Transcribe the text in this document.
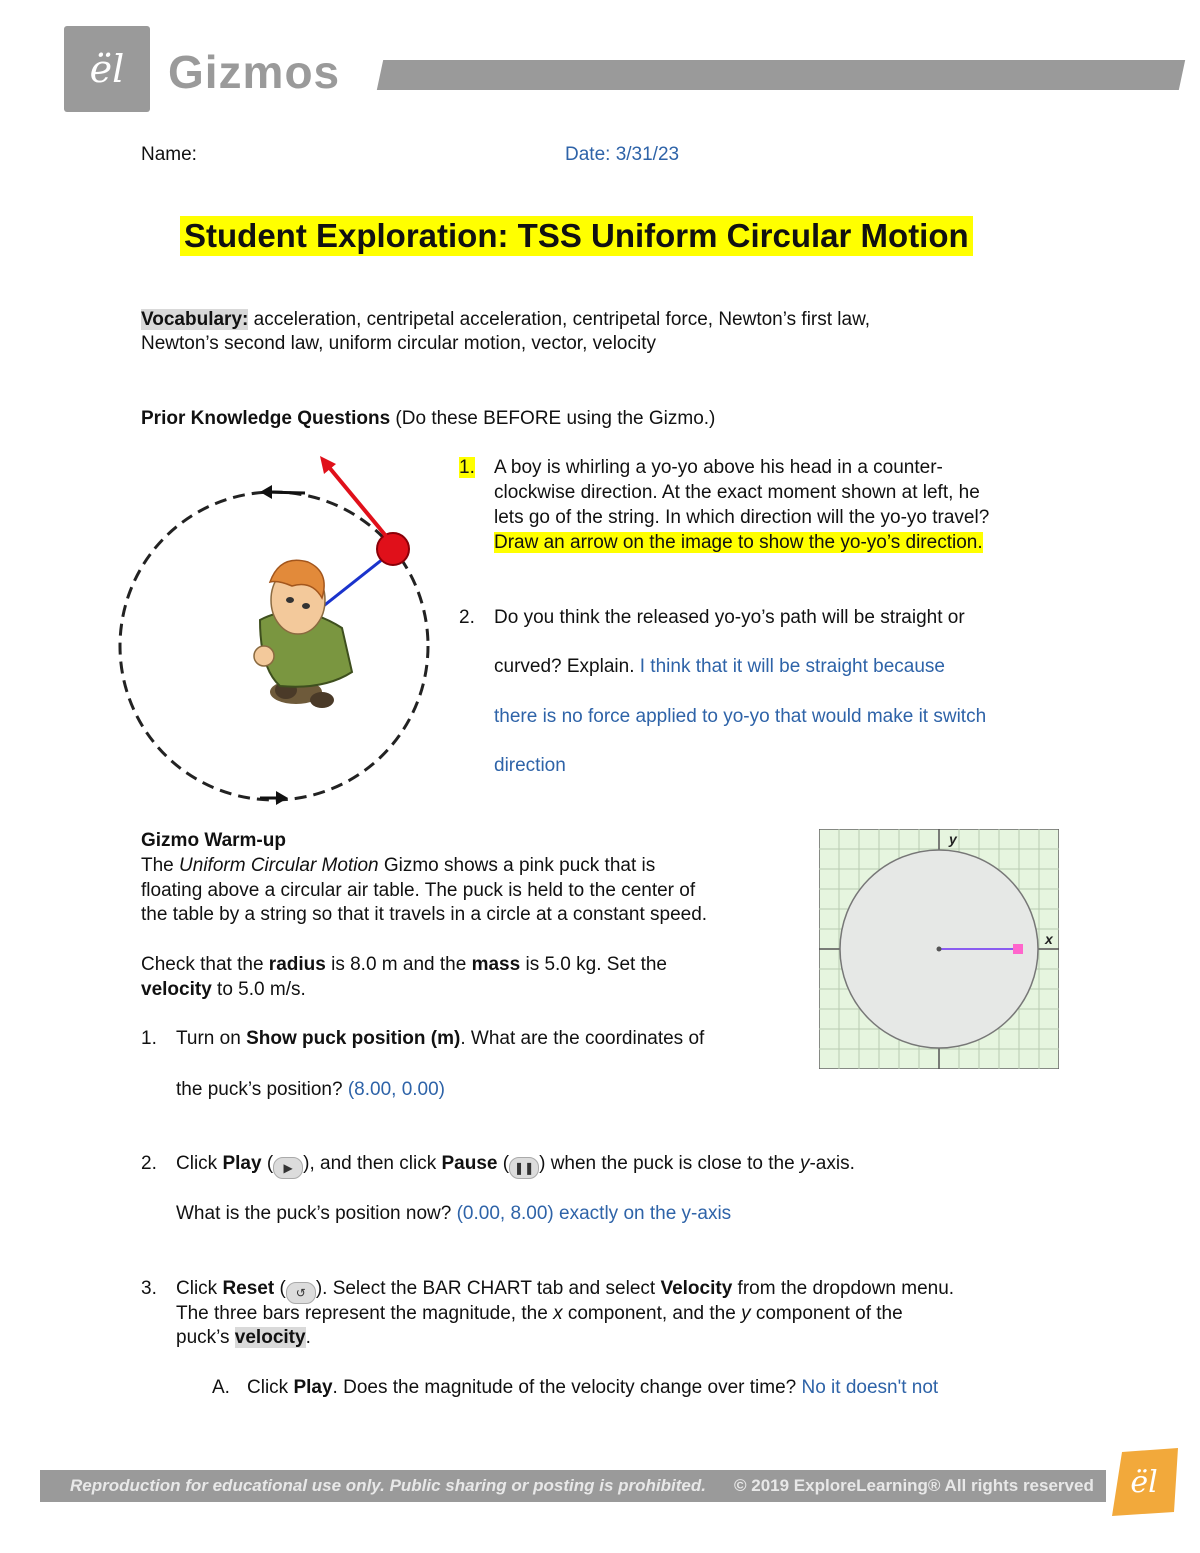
ël Gizmos
Name:	Date: 3/31/23
Student Exploration: TSS Uniform Circular Motion
Vocabulary: acceleration, centripetal acceleration, centripetal force, Newton’s first law,
Newton’s second law, uniform circular motion, vector, velocity
Prior Knowledge Questions (Do these BEFORE using the Gizmo.)
1. A boy is whirling a yo-yo above his head in a counter-
clockwise direction. At the exact moment shown at left, he
lets go of the string. In which direction will the yo-yo travel?
Draw an arrow on the image to show the yo-yo’s direction.
2. Do you think the released yo-yo’s path will be straight or
curved? Explain. I think that it will be straight because
there is no force applied to yo-yo that would make it switch
direction
Gizmo Warm-up
The Uniform Circular Motion Gizmo shows a pink puck that is
floating above a circular air table. The puck is held to the center of
the table by a string so that it travels in a circle at a constant speed.
Check that the radius is 8.0 m and the mass is 5.0 kg. Set the
velocity to 5.0 m/s.
y
x
1. Turn on Show puck position (m). What are the coordinates of
the puck’s position? (8.00, 0.00)
2. Click Play ( ▶ ), and then click Pause ( ❚❚ ) when the puck is close to the y-axis.
What is the puck’s position now? (0.00, 8.00) exactly on the y-axis
3. Click Reset ( ↺ ). Select the BAR CHART tab and select Velocity from the dropdown menu.
The three bars represent the magnitude, the x component, and the y component of the
puck’s velocity.
A. Click Play. Does the magnitude of the velocity change over time? No it doesn't not
Reproduction for educational use only. Public sharing or posting is prohibited. © 2019 ExploreLearning® All rights reserved ël
